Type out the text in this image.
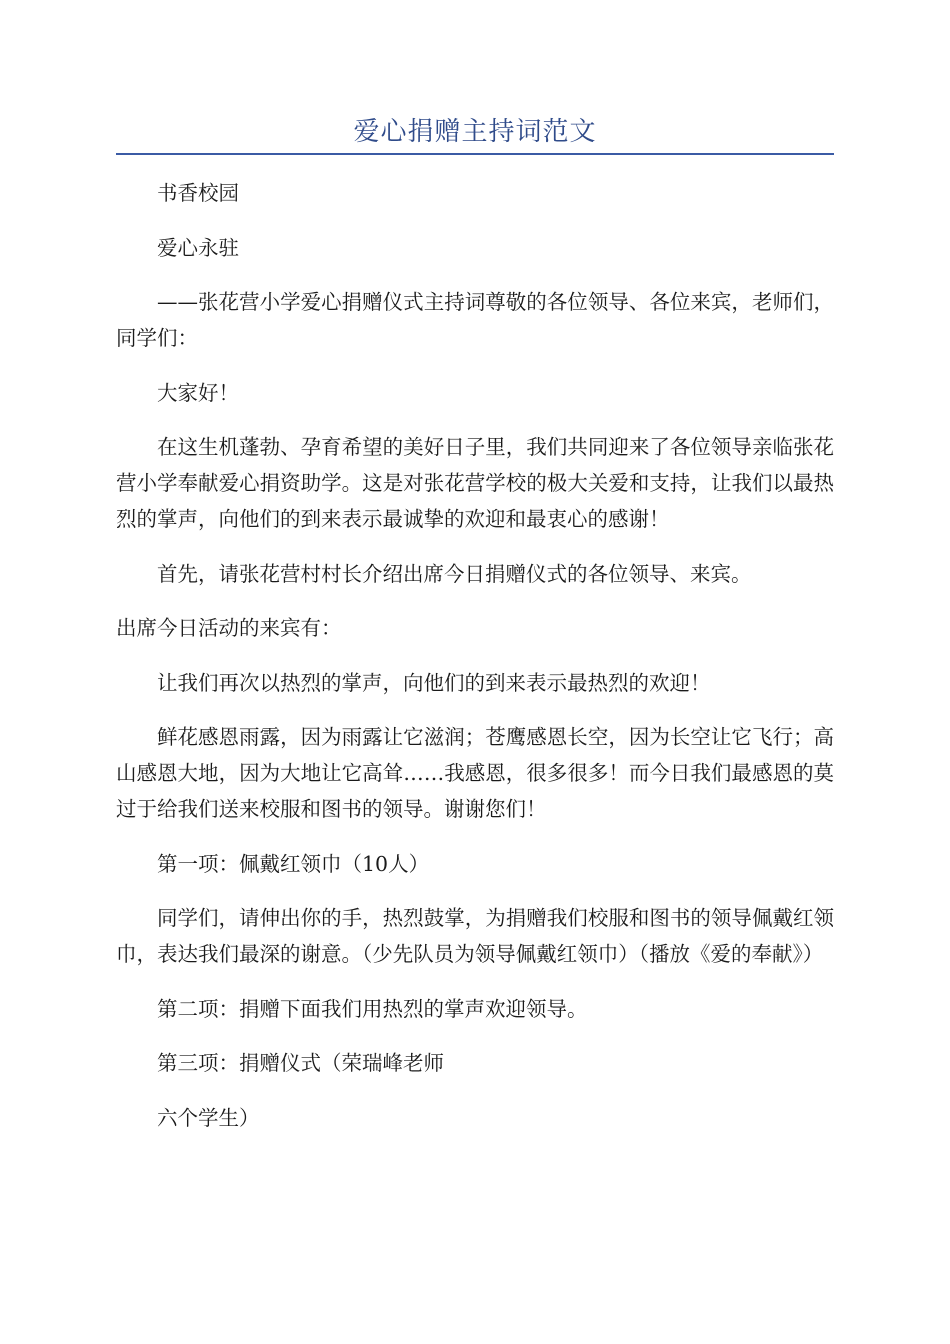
爱心捐赠主持词范文

书香校园

爱心永驻

——张花营小学爱心捐赠仪式主持词尊敬的各位领导、各位来宾，老师们，同学们：

大家好！

在这生机蓬勃、孕育希望的美好日子里，我们共同迎来了各位领导亲临张花营小学奉献爱心捐资助学。这是对张花营学校的极大关爱和支持，让我们以最热烈的掌声，向他们的到来表示最诚挚的欢迎和最衷心的感谢！

首先，请张花营村村长介绍出席今日捐赠仪式的各位领导、来宾。

出席今日活动的来宾有：

让我们再次以热烈的掌声，向他们的到来表示最热烈的欢迎！

鲜花感恩雨露，因为雨露让它滋润；苍鹰感恩长空，因为长空让它飞行；高山感恩大地，因为大地让它高耸……我感恩，很多很多！而今日我们最感恩的莫过于给我们送来校服和图书的领导。谢谢您们！

第一项：佩戴红领巾（10人）

同学们，请伸出你的手，热烈鼓掌，为捐赠我们校服和图书的领导佩戴红领巾，表达我们最深的谢意。（少先队员为领导佩戴红领巾）（播放《爱的奉献》）

第二项：捐赠下面我们用热烈的掌声欢迎领导。

第三项：捐赠仪式（荣瑞峰老师

六个学生）
